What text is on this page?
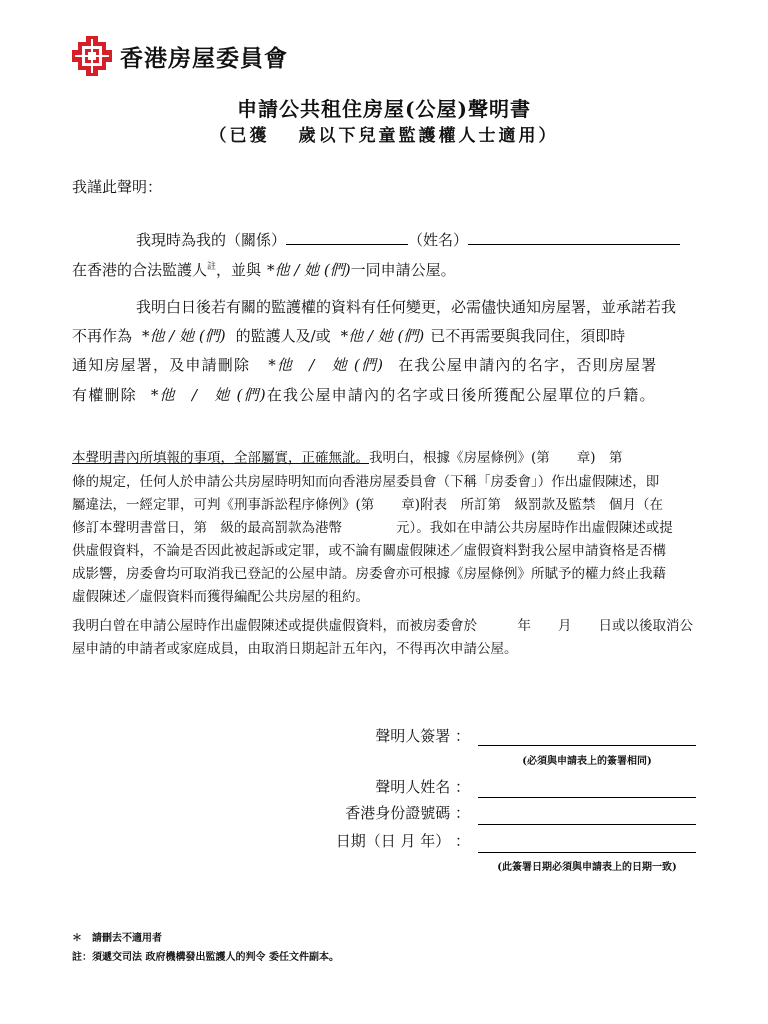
香港房屋委員會
申請公共租住房屋(公屋)聲明書
（已獲　 歲以下兒童監護權人士適用）
我謹此聲明：
我現時為我的（關係）	（姓名）
在香港的合法監護人$^註$，並與 *他 / 她 (們)一同申請公屋。
我明白日後若有關的監護權的資料有任何變更，必需儘快通知房屋署，並承諾若我
不再作為 *他 / 她 (們) 的監護人及/或 *他 / 她 (們) 已不再需要與我同住，須即時
通知房屋署，及申請刪除 *他　/　她 (們) 在我公屋申請內的名字，否則房屋署
有權刪除 *他　/　她 (們)在我公屋申請內的名字或日後所獲配公屋單位的戶籍。
本聲明書內所填報的事項，全部屬實，正確無訛。我明白，根據《房屋條例》(第　　章)　第
條的規定，任何人於申請公共房屋時明知而向香港房屋委員會（下稱「房委會」）作出虛假陳述，即
屬違法，一經定罪，可判《刑事訴訟程序條例》(第　　章)附表　所訂第　級罰款及監禁　個月（在
修訂本聲明書當日，第　級的最高罰款為港幣　　　　元）。我如在申請公共房屋時作出虛假陳述或提
供虛假資料，不論是否因此被起訴或定罪，或不論有關虛假陳述／虛假資料對我公屋申請資格是否構
成影響，房委會均可取消我已登記的公屋申請。房委會亦可根據《房屋條例》所賦予的權力終止我藉
虛假陳述／虛假資料而獲得編配公共房屋的租約。
我明白曾在申請公屋時作出虛假陳述或提供虛假資料，而被房委會於　　　年　　月　　日或以後取消公
屋申請的申請者或家庭成員，由取消日期起計五年內，不得再次申請公屋。
聲明人簽署 ：
(必須與申請表上的簽署相同)
聲明人姓名 ：
香港身份證號碼 ：
日期（日 月 年） ：
(此簽署日期必須與申請表上的日期一致)
＊　請刪去不適用者
註：須遞交司法 政府機構發出監護人的判令 委任文件副本。
